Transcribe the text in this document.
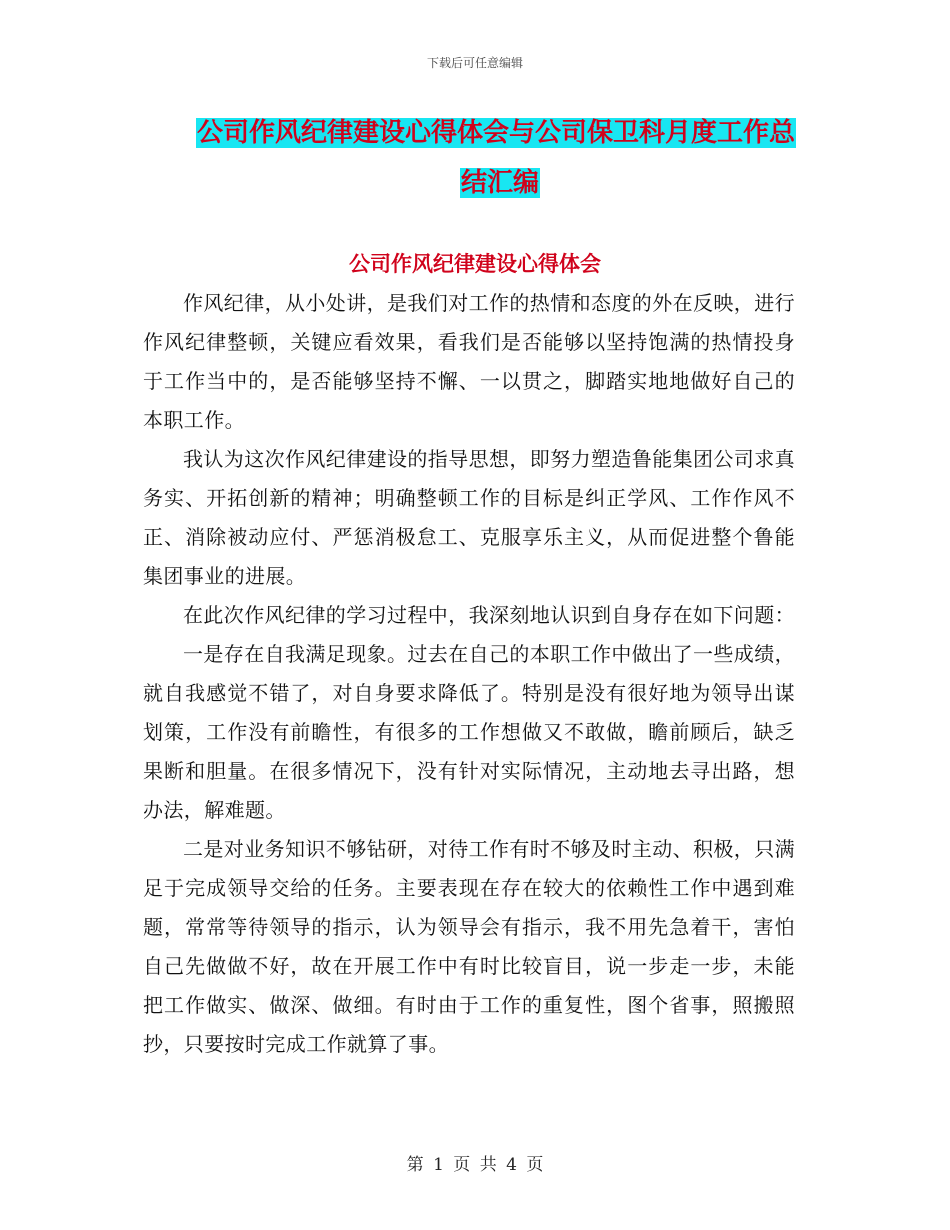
下载后可任意编辑
公司作风纪律建设心得体会与公司保卫科月度工作总
结汇编
公司作风纪律建设心得体会

作风纪律，从小处讲，是我们对工作的热情和态度的外在反映，进行作风纪律整顿，关键应看效果，看我们是否能够以坚持饱满的热情投身于工作当中的，是否能够坚持不懈、一以贯之，脚踏实地地做好自己的本职工作。

我认为这次作风纪律建设的指导思想，即努力塑造鲁能集团公司求真务实、开拓创新的精神；明确整顿工作的目标是纠正学风、工作作风不正、消除被动应付、严惩消极怠工、克服享乐主义，从而促进整个鲁能集团事业的进展。

在此次作风纪律的学习过程中，我深刻地认识到自身存在如下问题：

一是存在自我满足现象。过去在自己的本职工作中做出了一些成绩，就自我感觉不错了，对自身要求降低了。特别是没有很好地为领导出谋划策，工作没有前瞻性，有很多的工作想做又不敢做，瞻前顾后，缺乏果断和胆量。在很多情况下，没有针对实际情况，主动地去寻出路，想办法，解难题。

二是对业务知识不够钻研，对待工作有时不够及时主动、积极，只满足于完成领导交给的任务。主要表现在存在较大的依赖性工作中遇到难题，常常等待领导的指示，认为领导会有指示，我不用先急着干，害怕自己先做做不好，故在开展工作中有时比较盲目，说一步走一步，未能把工作做实、做深、做细。有时由于工作的重复性，图个省事，照搬照抄，只要按时完成工作就算了事。

第 1 页 共 4 页
